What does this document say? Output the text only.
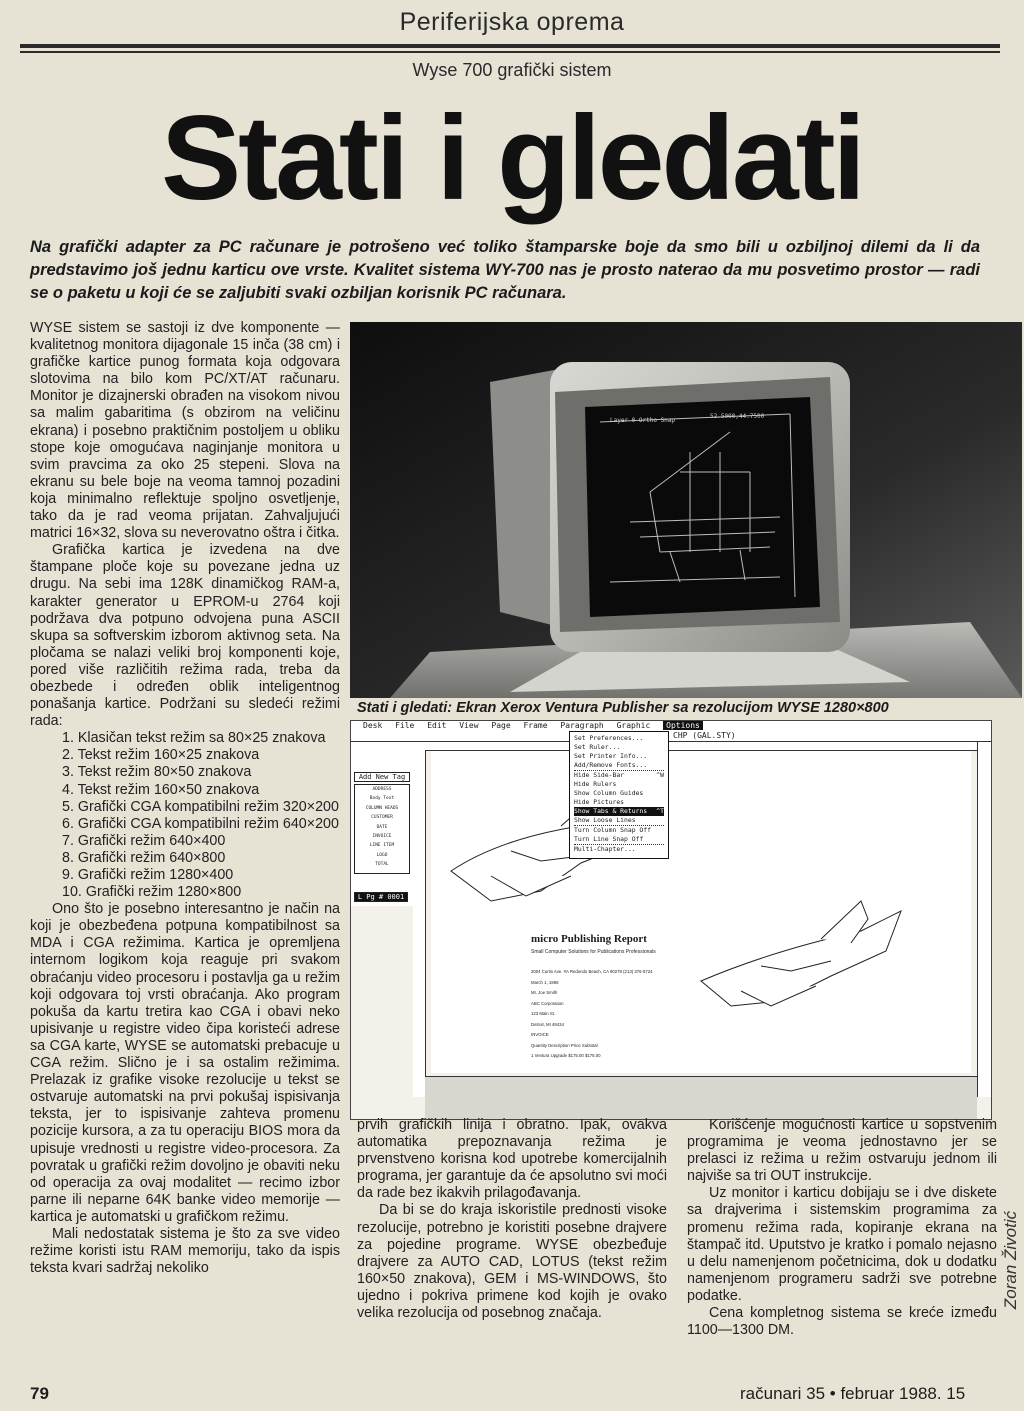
Periferijska oprema
Wyse 700 grafički sistem
Stati i gledati
Na grafički adapter za PC računare je potrošeno već toliko štamparske boje da smo bili u ozbiljnoj dilemi da li da predstavimo još jednu karticu ove vrste. Kvalitet sistema WY-700 nas je prosto naterao da mu posvetimo prostor — radi se o paketu u koji će se zaljubiti svaki ozbiljan korisnik PC računara.

WYSE sistem se sastoji iz dve komponente — kvalitetnog monitora dijagonale 15 inča (38 cm) i grafičke kartice punog formata koja odgovara slotovima na bilo kom PC/XT/AT računaru. Monitor je dizajnerski obrađen na visokom nivou sa malim gabaritima (s obzirom na veličinu ekrana) i posebno praktičnim postoljem u obliku stope koje omogućava naginjanje monitora u svim pravcima za oko 25 stepeni. Slova na ekranu su bele boje na veoma tamnoj pozadini koja minimalno reflektuje spoljno osvetljenje, tako da je rad veoma prijatan. Zahvaljujući matrici 16×32, slova su neverovatno oštra i čitka.

Grafička kartica je izvedena na dve štampane ploče koje su povezane jedna uz drugu. Na sebi ima 128K dinamičkog RAM-a, karakter generator u EPROM-u 2764 koji podržava dva potpuno odvojena puna ASCII skupa sa softverskim izborom aktivnog seta. Na pločama se nalazi veliki broj komponenti koje, pored više različitih režima rada, treba da obezbede i određen oblik inteligentnog ponašanja kartice. Podržani su sledeći režimi rada:

1. Klasičan tekst režim sa 80×25 znakova

2. Tekst režim 160×25 znakova

3. Tekst režim 80×50 znakova

4. Tekst režim 160×50 znakova

5. Grafički CGA kompatibilni režim 320×200

6. Grafički CGA kompatibilni režim 640×200

7. Grafički režim 640×400

8. Grafički režim 640×800

9. Grafički režim 1280×400

10. Grafički režim 1280×800

Ono što je posebno interesantno je način na koji je obezbeđena potpuna kompatibilnost sa MDA i CGA režimima. Kartica je opremljena internom logikom koja reaguje pri svakom obraćanju video procesoru i postavlja ga u režim koji odgovara toj vrsti obraćanja. Ako program pokuša da kartu tretira kao CGA i obavi neko upisivanje u registre video čipa koristeći adrese sa CGA karte, WYSE se automatski prebacuje u CGA režim. Slično je i sa ostalim režimima. Prelazak iz grafike visoke rezolucije u tekst se ostvaruje automatski na prvi pokušaj ispisivanja teksta, jer to ispisivanje zahteva promenu pozicije kursora, a za tu operaciju BIOS mora da upisuje vrednosti u registre video-procesora. Za povratak u grafički režim dovoljno je obaviti neku od operacija za ovaj modalitet — recimo izbor parne ili neparne 64K banke video memorije — kartica je automatski u grafičkom režimu.

Mali nedostatak sistema je što za sve video režime koristi istu RAM memoriju, tako da ispis teksta kvari sadržaj nekoliko

Layer 0 Ortho Snap
52.5000,44.7500
Stati i gledati: Ekran Xerox Ventura Publisher sa rezolucijom WYSE 1280×800
Desk File Edit View Page Frame Paragraph Graphic Options
CHP (GAL.STY)
Add New Tag
ADDRESS
Body Text
COLUMN HEADS
CUSTOMER
DATE
INVOICE
LINE ITEM
LOGO
TOTAL
L Pg # 0001
micro Publishing Report
Small Computer Solutions for Publications Professionals
2004 Curtis Ave. #A Redondo Beach, CA 90278 (213) 376-5724
March 1, 1986
Mr. Joe Smith
ABC Corporation
123 Main St.
Detroit, MI 48434
INVOICE
Quantity Description Price Subtotal
1 Ventura Upgrade $175.00 $175.00
Set Preferences...
Set Ruler...
Set Printer Info...
Add/Remove Fonts...
Hide Side-Bar	^W
Hide Rulers
Show Column Guides
Hide Pictures
Show Tabs & Returns ^T
Show Loose Lines
Turn Column Snap Off
Turn Line Snap Off
Multi-Chapter...

prvih grafičkih linija i obratno. Ipak, ovakva automatika prepoznavanja režima je prvenstveno korisna kod upotrebe komercijalnih programa, jer garantuje da će apsolutno svi moći da rade bez ikakvih prilagođavanja.

Da bi se do kraja iskoristile prednosti visoke rezolucije, potrebno je koristiti posebne drajvere za pojedine programe. WYSE obezbeđuje drajvere za AUTO CAD, LOTUS (tekst režim 160×50 znakova), GEM i MS-WINDOWS, što ujedno i pokriva primene kod kojih je ovako velika rezolucija od posebnog značaja.

Korišćenje mogućnosti kartice u sopstvenim programima je veoma jednostavno jer se prelasci iz režima u režim ostvaruju jednom ili najviše sa tri OUT instrukcije.

Uz monitor i karticu dobijaju se i dve diskete sa drajverima i sistemskim programima za promenu režima rada, kopiranje ekrana na štampač itd. Uputstvo je kratko i pomalo nejasno u delu namenjenom početnicima, dok u dodatku namenjenom programeru sadrži sve potrebne podatke.

Cena kompletnog sistema se kreće između 1100—1300 DM.

Zoran Životić
79	računari 35 • februar 1988. 15
